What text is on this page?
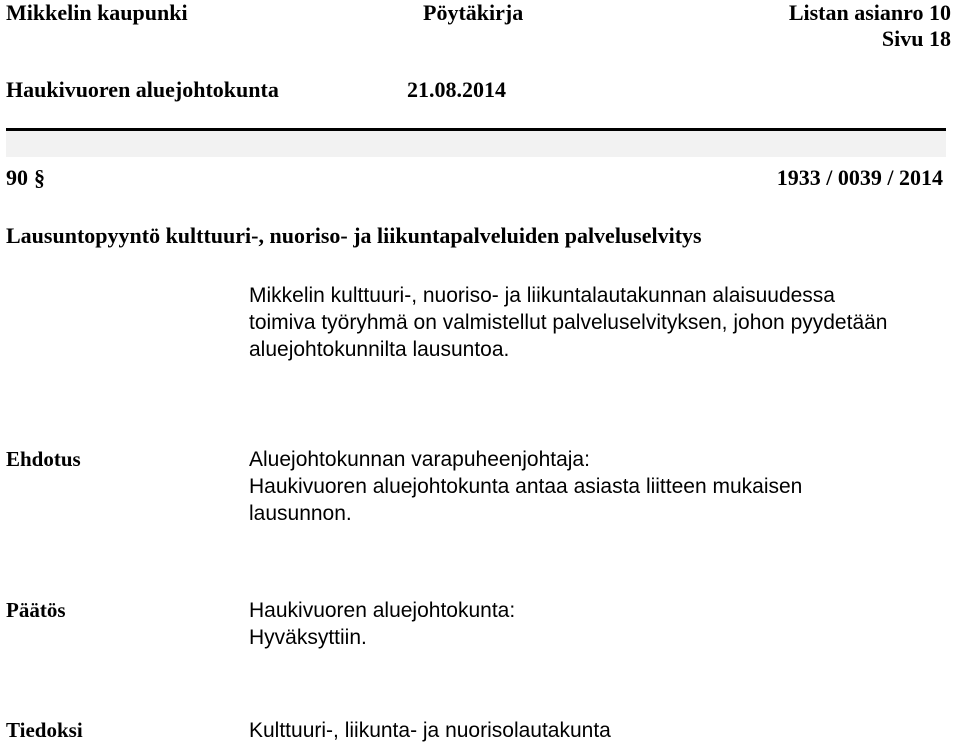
Mikkelin kaupunki	Pöytäkirja	Listan asianro 10
Sivu 18
Haukivuoren aluejohtokunta	21.08.2014
90 §	1933 / 0039 / 2014
Lausuntopyyntö kulttuuri-, nuoriso- ja liikuntapalveluiden palveluselvitys
Mikkelin kulttuuri-, nuoriso- ja liikuntalautakunnan alaisuudessa
toimiva työryhmä on valmistellut palveluselvityksen, johon pyydetään
aluejohtokunnilta lausuntoa.
Ehdotus	Aluejohtokunnan varapuheenjohtaja:
Haukivuoren aluejohtokunta antaa asiasta liitteen mukaisen
lausunnon.
Päätös	Haukivuoren aluejohtokunta:
Hyväksyttiin.
Tiedoksi	Kulttuuri-, liikunta- ja nuorisolautakunta
